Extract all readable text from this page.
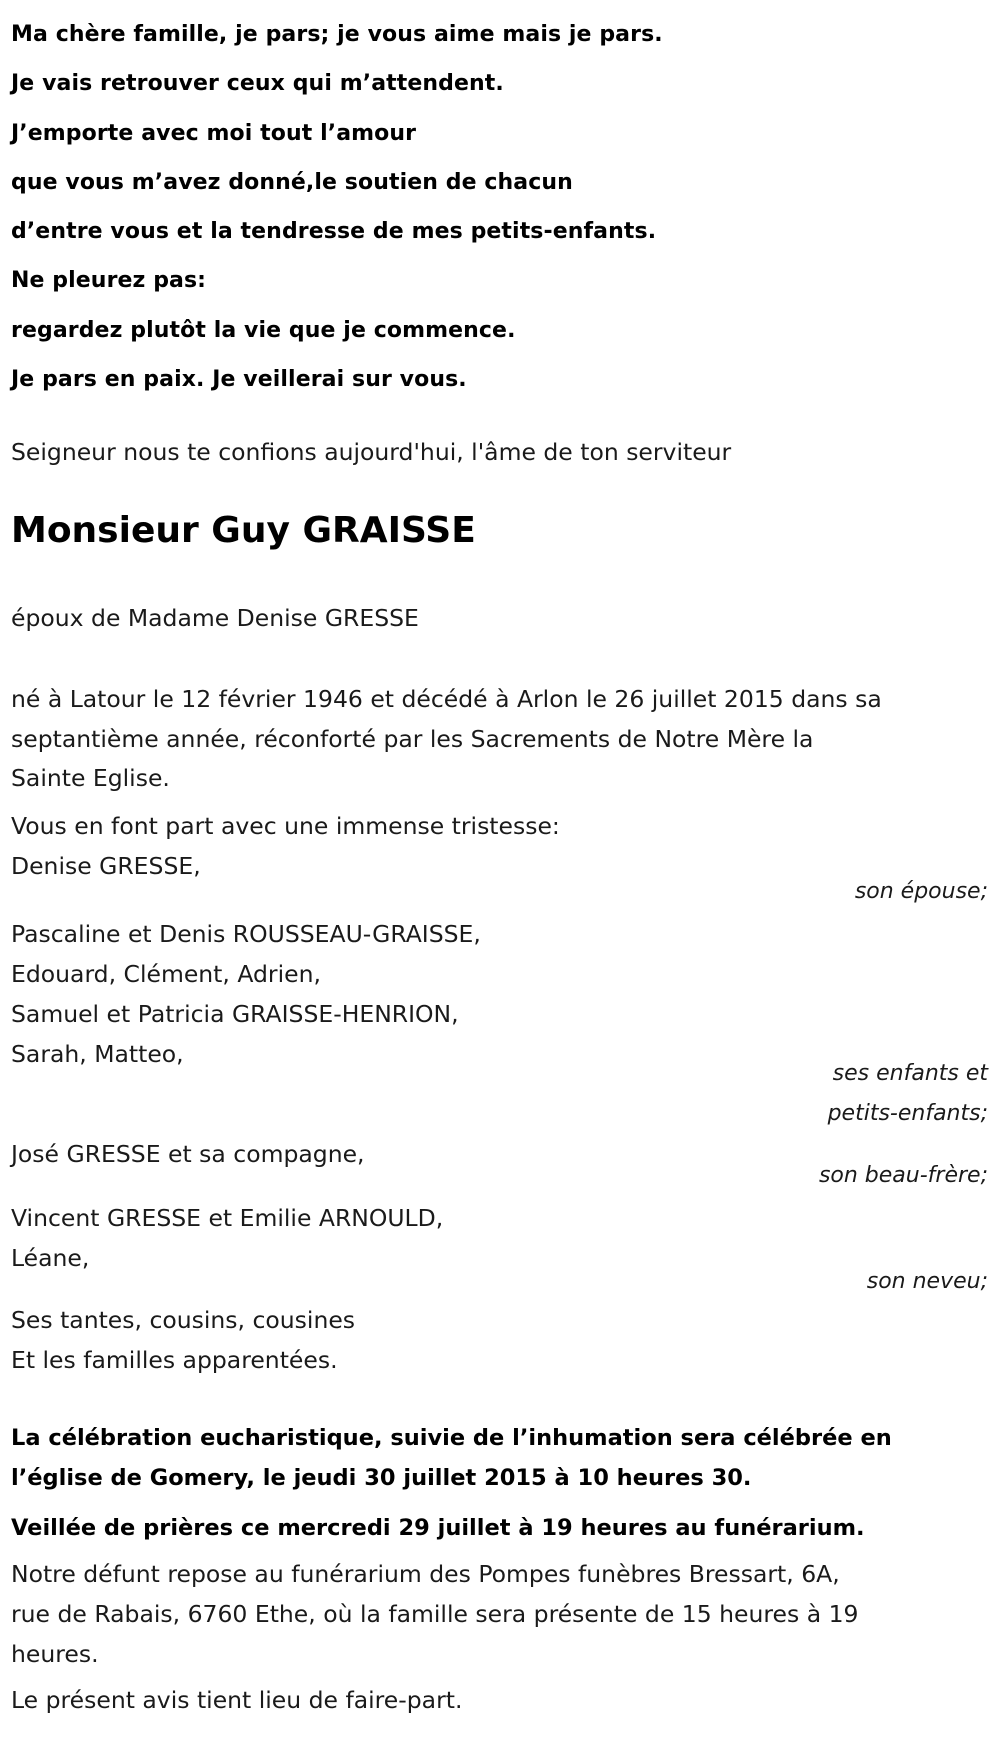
Ma chère famille, je pars; je vous aime mais je pars.
Je vais retrouver ceux qui m’attendent.
J’emporte avec moi tout l’amour
que vous m’avez donné,le soutien de chacun
d’entre vous et la tendresse de mes petits-enfants.
Ne pleurez pas:
regardez plutôt la vie que je commence.
Je pars en paix. Je veillerai sur vous.
Seigneur nous te confions aujourd'hui, l'âme de ton serviteur
Monsieur Guy GRAISSE
époux de Madame Denise GRESSE
né à Latour le 12 février 1946 et décédé à Arlon le 26 juillet 2015 dans sa
septantième année, réconforté par les Sacrements de Notre Mère la
Sainte Eglise.
Vous en font part avec une immense tristesse:
Denise GRESSE,
son épouse;
Pascaline et Denis ROUSSEAU-GRAISSE,
Edouard, Clément, Adrien,
Samuel et Patricia GRAISSE-HENRION,
Sarah, Matteo,
ses enfants et
petits-enfants;
José GRESSE et sa compagne,
son beau-frère;
Vincent GRESSE et Emilie ARNOULD,
Léane,
son neveu;
Ses tantes, cousins, cousines
Et les familles apparentées.
La célébration eucharistique, suivie de l’inhumation sera célébrée en
l’église de Gomery, le jeudi 30 juillet 2015 à 10 heures 30.
Veillée de prières ce mercredi 29 juillet à 19 heures au funérarium.
Notre défunt repose au funérarium des Pompes funèbres Bressart, 6A,
rue de Rabais, 6760 Ethe, où la famille sera présente de 15 heures à 19
heures.
Le présent avis tient lieu de faire-part.
